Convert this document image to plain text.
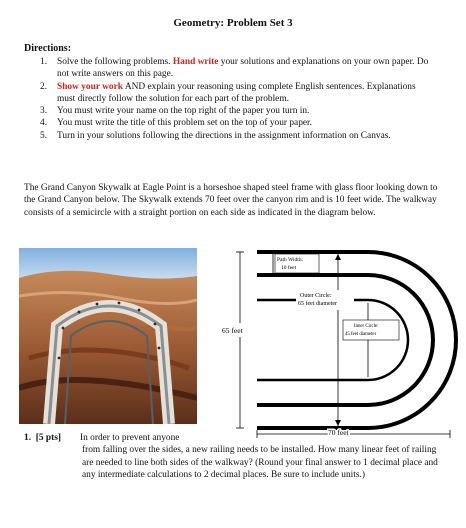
Geometry: Problem Set 3
Directions:
1.	Solve the following problems. Hand write your solutions and explanations on your own paper. Do not write answers on this page.
2.	Show your work AND explain your reasoning using complete English sentences. Explanations must directly follow the solution for each part of the problem.
3.	You must write your name on the top right of the paper you turn in.
4.	You must write the title of this problem set on the top of your paper.
5.	Turn in your solutions following the directions in the assignment information on Canvas.
The Grand Canyon Skywalk at Eagle Point is a horseshoe shaped steel frame with glass floor looking down to the Grand Canyon below. The Skywalk extends 70 feet over the canyon rim and is 10 feet wide. The walkway consists of a semicircle with a straight portion on each side as indicated in the diagram below.
Path Width:
10 feet
Outer Circle:
65 feet diameter
Inner Circle:
45 feet diameter
65 feet
70 feet
1. [5 pts]	In order to prevent anyone
from falling over the sides, a new railing needs to be installed. How many linear feet of railing are needed to line both sides of the walkway? (Round your final answer to 1 decimal place and any intermediate calculations to 2 decimal places. Be sure to include units.)
